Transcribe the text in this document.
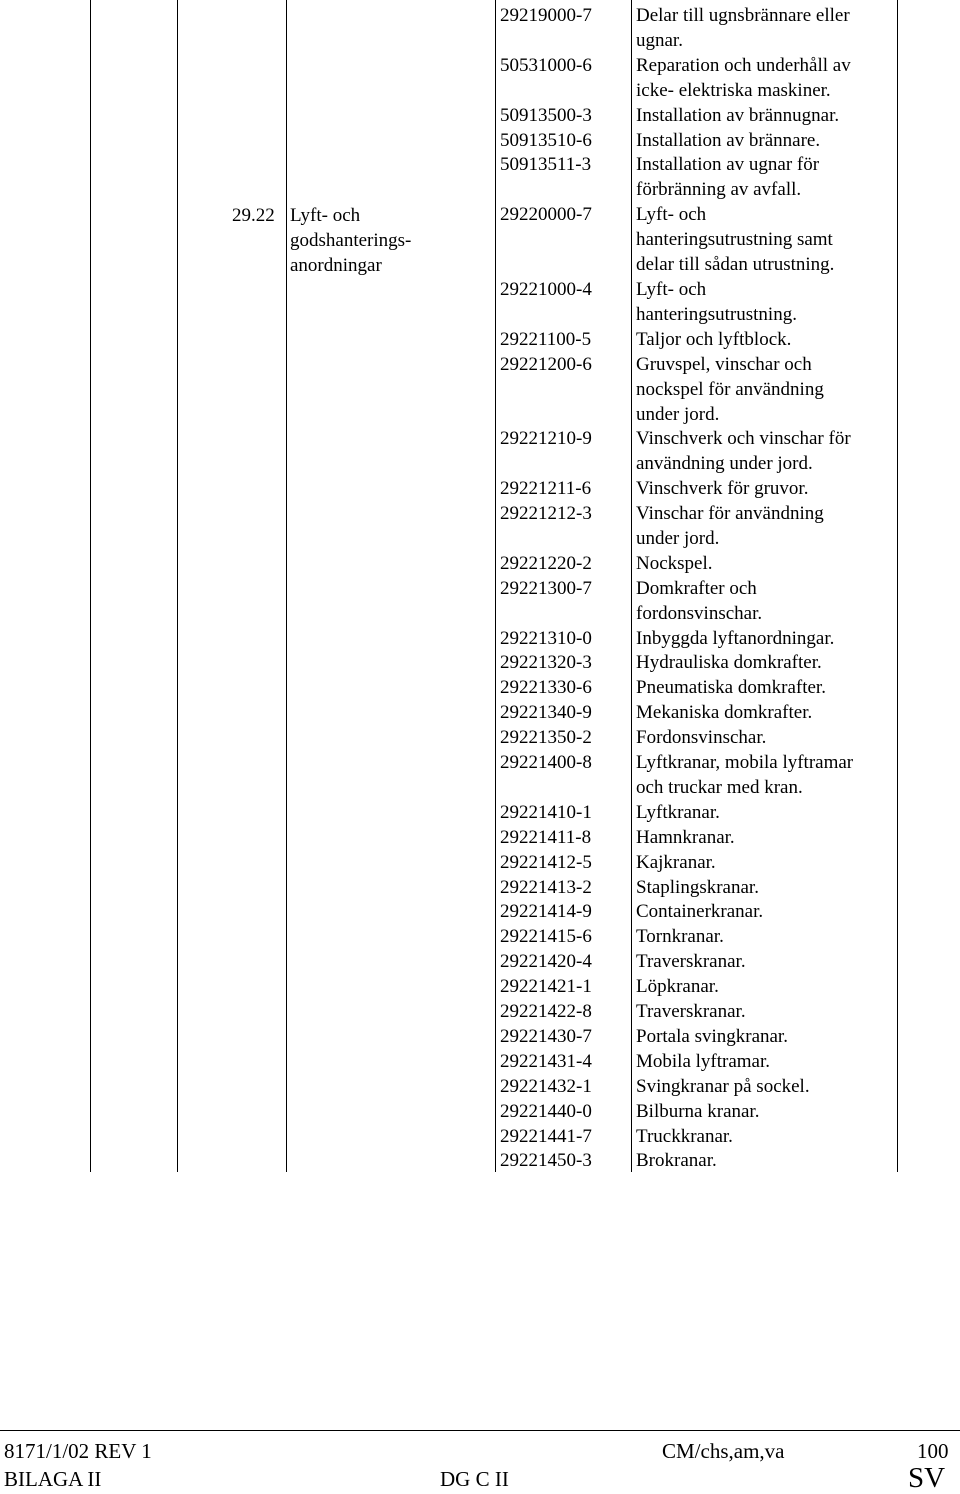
29.22 Lyft- och
godshanterings-
anordningar
29219000-7 Delar till ugnsbrännare eller
ugnar.
50531000-6 Reparation och underhåll av
icke- elektriska maskiner.
50913500-3 Installation av brännugnar.
50913510-6 Installation av brännare.
50913511-3 Installation av ugnar för
förbränning av avfall.
29220000-7 Lyft- och
hanteringsutrustning samt
delar till sådan utrustning.
29221000-4 Lyft- och
hanteringsutrustning.
29221100-5 Taljor och lyftblock.
29221200-6 Gruvspel, vinschar och
nockspel för användning
under jord.
29221210-9 Vinschverk och vinschar för
användning under jord.
29221211-6 Vinschverk för gruvor.
29221212-3 Vinschar för användning
under jord.
29221220-2 Nockspel.
29221300-7 Domkrafter och
fordonsvinschar.
29221310-0 Inbyggda lyftanordningar.
29221320-3 Hydrauliska domkrafter.
29221330-6 Pneumatiska domkrafter.
29221340-9 Mekaniska domkrafter.
29221350-2 Fordonsvinschar.
29221400-8 Lyftkranar, mobila lyftramar
och truckar med kran.
29221410-1 Lyftkranar.
29221411-8 Hamnkranar.
29221412-5 Kajkranar.
29221413-2 Staplingskranar.
29221414-9 Containerkranar.
29221415-6 Tornkranar.
29221420-4 Traverskranar.
29221421-1 Löpkranar.
29221422-8 Traverskranar.
29221430-7 Portala svingkranar.
29221431-4 Mobila lyftramar.
29221432-1 Svingkranar på sockel.
29221440-0 Bilburna kranar.
29221441-7 Truckkranar.
29221450-3 Brokranar.
8171/1/02 REV 1	CM/chs,am,va	100
BILAGA II	DG C II	SV
